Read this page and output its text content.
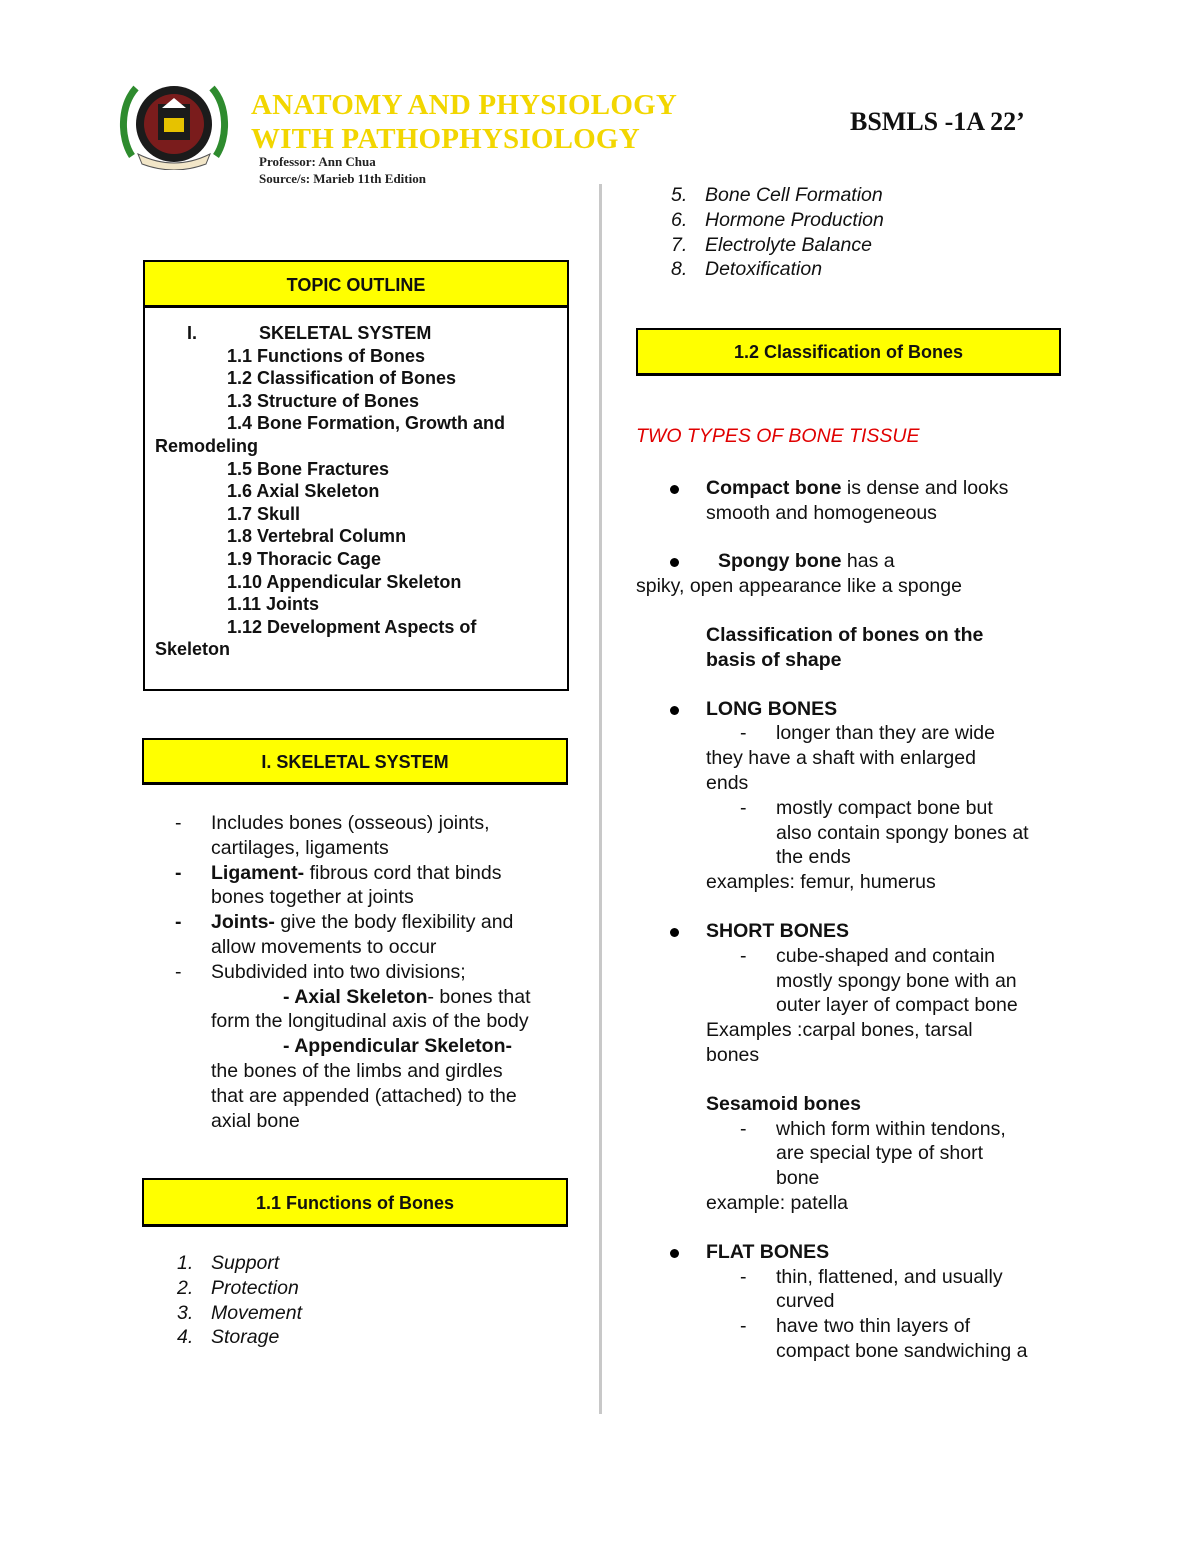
ANATOMY AND PHYSIOLOGY
WITH PATHOPHYSIOLOGY
Professor: Ann Chua
Source/s: Marieb 11th Edition
BSMLS -1A 22’
TOPIC OUTLINE
I.	SKELETAL SYSTEM
1.1 Functions of Bones
1.2 Classification of Bones
1.3 Structure of Bones
1.4 Bone Formation, Growth and
Remodeling
1.5 Bone Fractures
1.6 Axial Skeleton
1.7 Skull
1.8 Vertebral Column
1.9 Thoracic Cage
1.10 Appendicular Skeleton
1.11 Joints
1.12 Development Aspects of
Skeleton
I. SKELETAL SYSTEM
- Includes bones (osseous) joints,
cartilages, ligaments
- Ligament- fibrous cord that binds
bones together at joints
- Joints- give the body flexibility and
allow movements to occur
- Subdivided into two divisions;
- Axial Skeleton- bones that
form the longitudinal axis of the body
- Appendicular Skeleton-
the bones of the limbs and girdles
that are appended (attached) to the
axial bone
1.1 Functions of Bones
1. Support
2. Protection
3. Movement
4. Storage
5. Bone Cell Formation
6. Hormone Production
7. Electrolyte Balance
8. Detoxification
1.2 Classification of Bones
TWO TYPES OF BONE TISSUE
Compact bone is dense and looks
smooth and homogeneous
Spongy bone has a
spiky, open appearance like a sponge
Classification of bones on the
basis of shape
LONG BONES
- longer than they are wide
they have a shaft with enlarged
ends
- mostly compact bone but
also contain spongy bones at
the ends
examples: femur, humerus
SHORT BONES
- cube-shaped and contain
mostly spongy bone with an
outer layer of compact bone
Examples :carpal bones, tarsal
bones
Sesamoid bones
- which form within tendons,
are special type of short
bone
example: patella
FLAT BONES
- thin, flattened, and usually
curved
- have two thin layers of
compact bone sandwiching a
